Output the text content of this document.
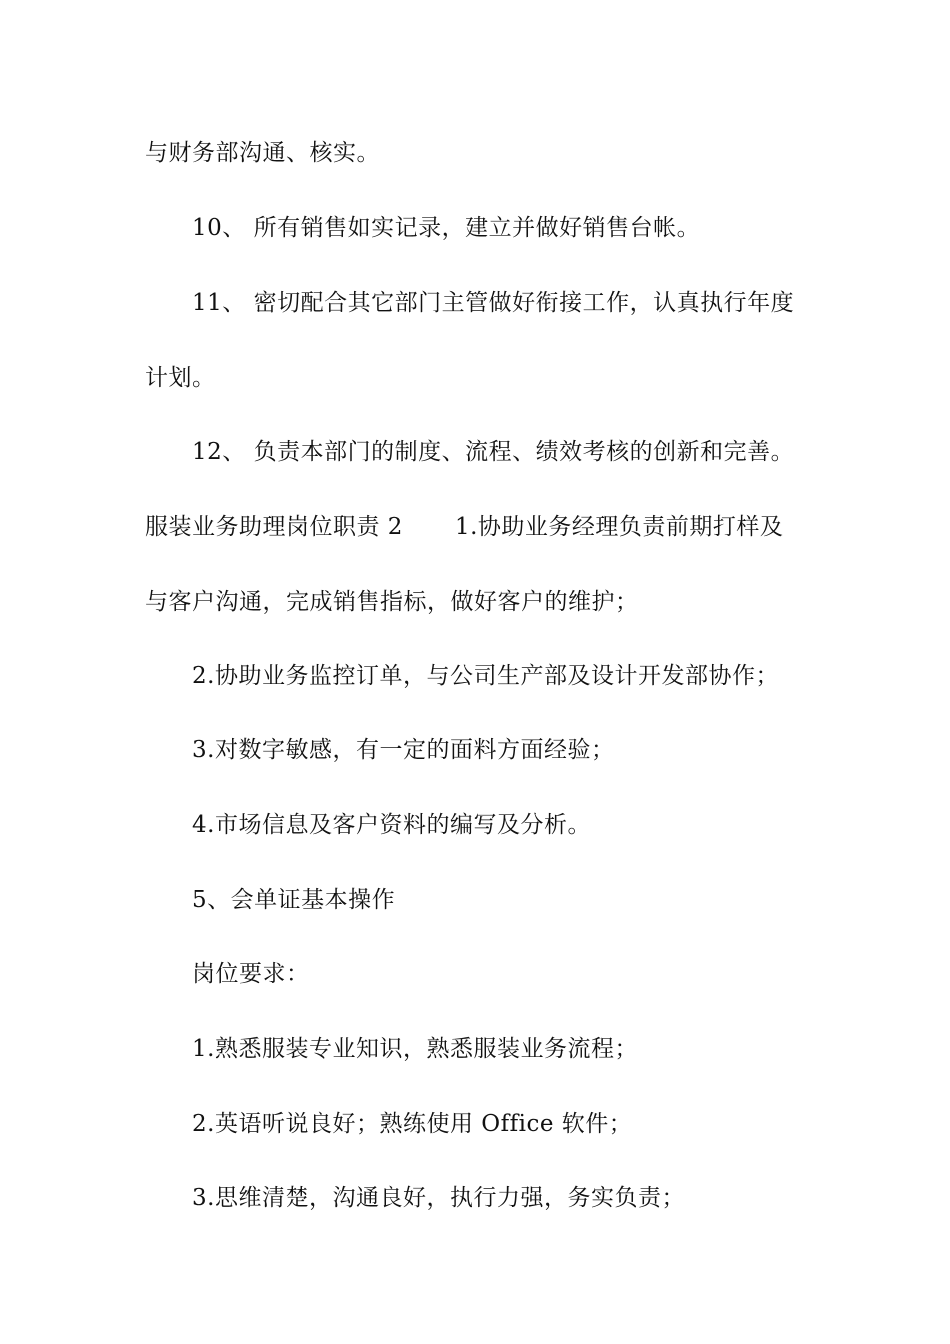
与财务部沟通、核实。
10、 所有销售如实记录，建立并做好销售台帐。
11、 密切配合其它部门主管做好衔接工作，认真执行年度
计划。
12、 负责本部门的制度、流程、绩效考核的创新和完善。
服装业务助理岗位职责 2 1.协助业务经理负责前期打样及
与客户沟通，完成销售指标，做好客户的维护；
2.协助业务监控订单，与公司生产部及设计开发部协作；
3.对数字敏感，有一定的面料方面经验；
4.市场信息及客户资料的编写及分析。
5、会单证基本操作
岗位要求：
1.熟悉服装专业知识，熟悉服装业务流程；
2.英语听说良好；熟练使用 Office 软件；
3.思维清楚，沟通良好，执行力强，务实负责；
